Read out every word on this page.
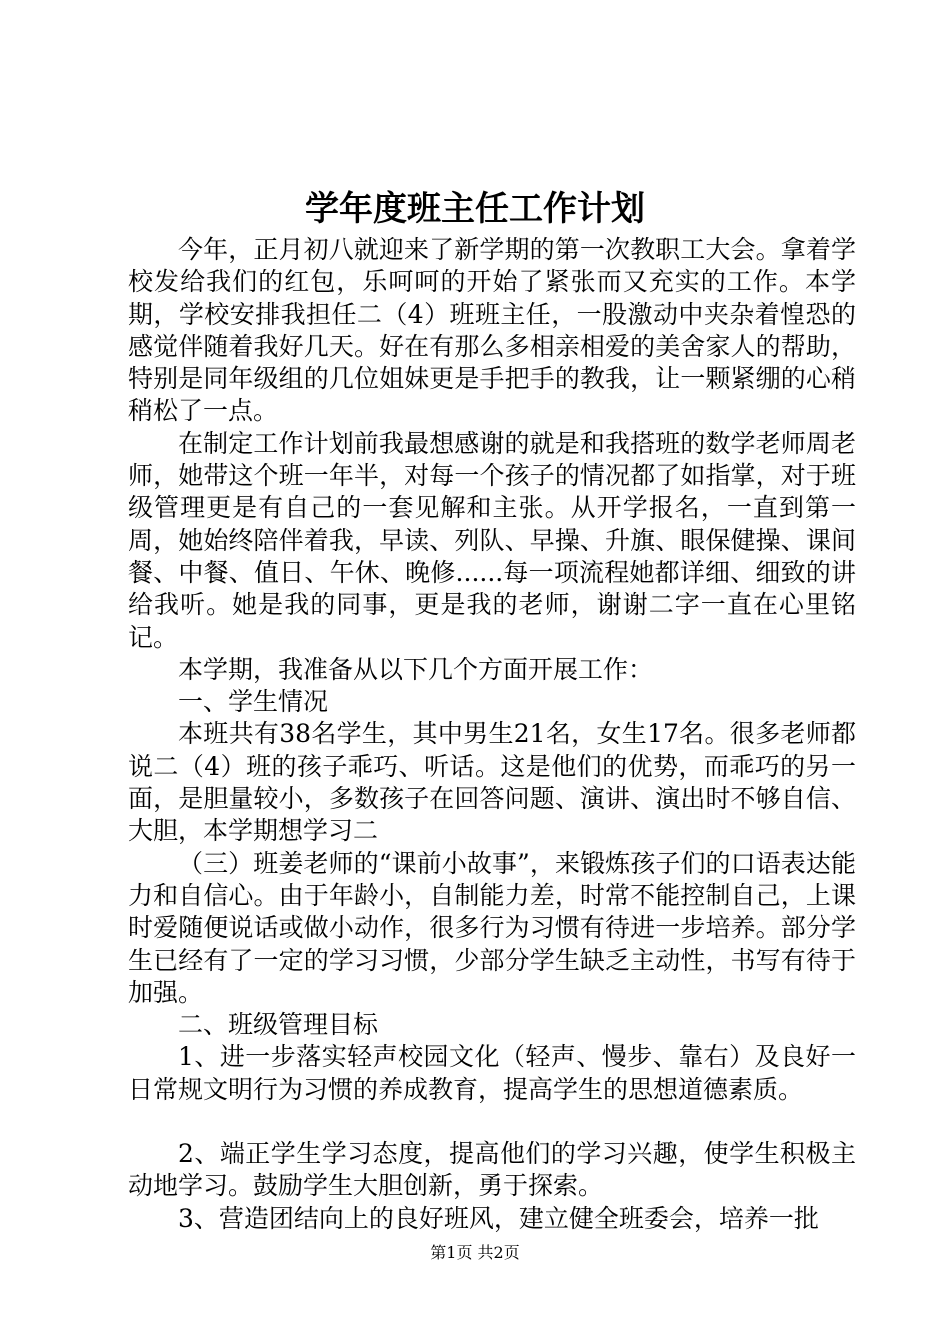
学年度班主任工作计划

今年，正月初八就迎来了新学期的第一次教职工大会。拿着学校发给我们的红包，乐呵呵的开始了紧张而又充实的工作。本学期，学校安排我担任二（4）班班主任，一股激动中夹杂着惶恐的感觉伴随着我好几天。好在有那么多相亲相爱的美舍家人的帮助，特别是同年级组的几位姐妹更是手把手的教我，让一颗紧绷的心稍稍松了一点。

在制定工作计划前我最想感谢的就是和我搭班的数学老师周老师，她带这个班一年半，对每一个孩子的情况都了如指掌，对于班级管理更是有自己的一套见解和主张。从开学报名，一直到第一周，她始终陪伴着我，早读、列队、早操、升旗、眼保健操、课间餐、中餐、值日、午休、晚修......每一项流程她都详细、细致的讲给我听。她是我的同事，更是我的老师，谢谢二字一直在心里铭记。

本学期，我准备从以下几个方面开展工作：

一、学生情况

本班共有38名学生，其中男生21名，女生17名。很多老师都说二（4）班的孩子乖巧、听话。这是他们的优势，而乖巧的另一面，是胆量较小，多数孩子在回答问题、演讲、演出时不够自信、大胆，本学期想学习二

（三）班姜老师的“课前小故事”，来锻炼孩子们的口语表达能力和自信心。由于年龄小，自制能力差，时常不能控制自己，上课时爱随便说话或做小动作，很多行为习惯有待进一步培养。部分学生已经有了一定的学习习惯，少部分学生缺乏主动性，书写有待于加强。

二、班级管理目标

1、进一步落实轻声校园文化（轻声、慢步、靠右）及良好一日常规文明行为习惯的养成教育，提高学生的思想道德素质。

2、端正学生学习态度，提高他们的学习兴趣，使学生积极主动地学习。鼓励学生大胆创新，勇于探索。

3、营造团结向上的良好班风，建立健全班委会，培养一批

第1页 共2页
